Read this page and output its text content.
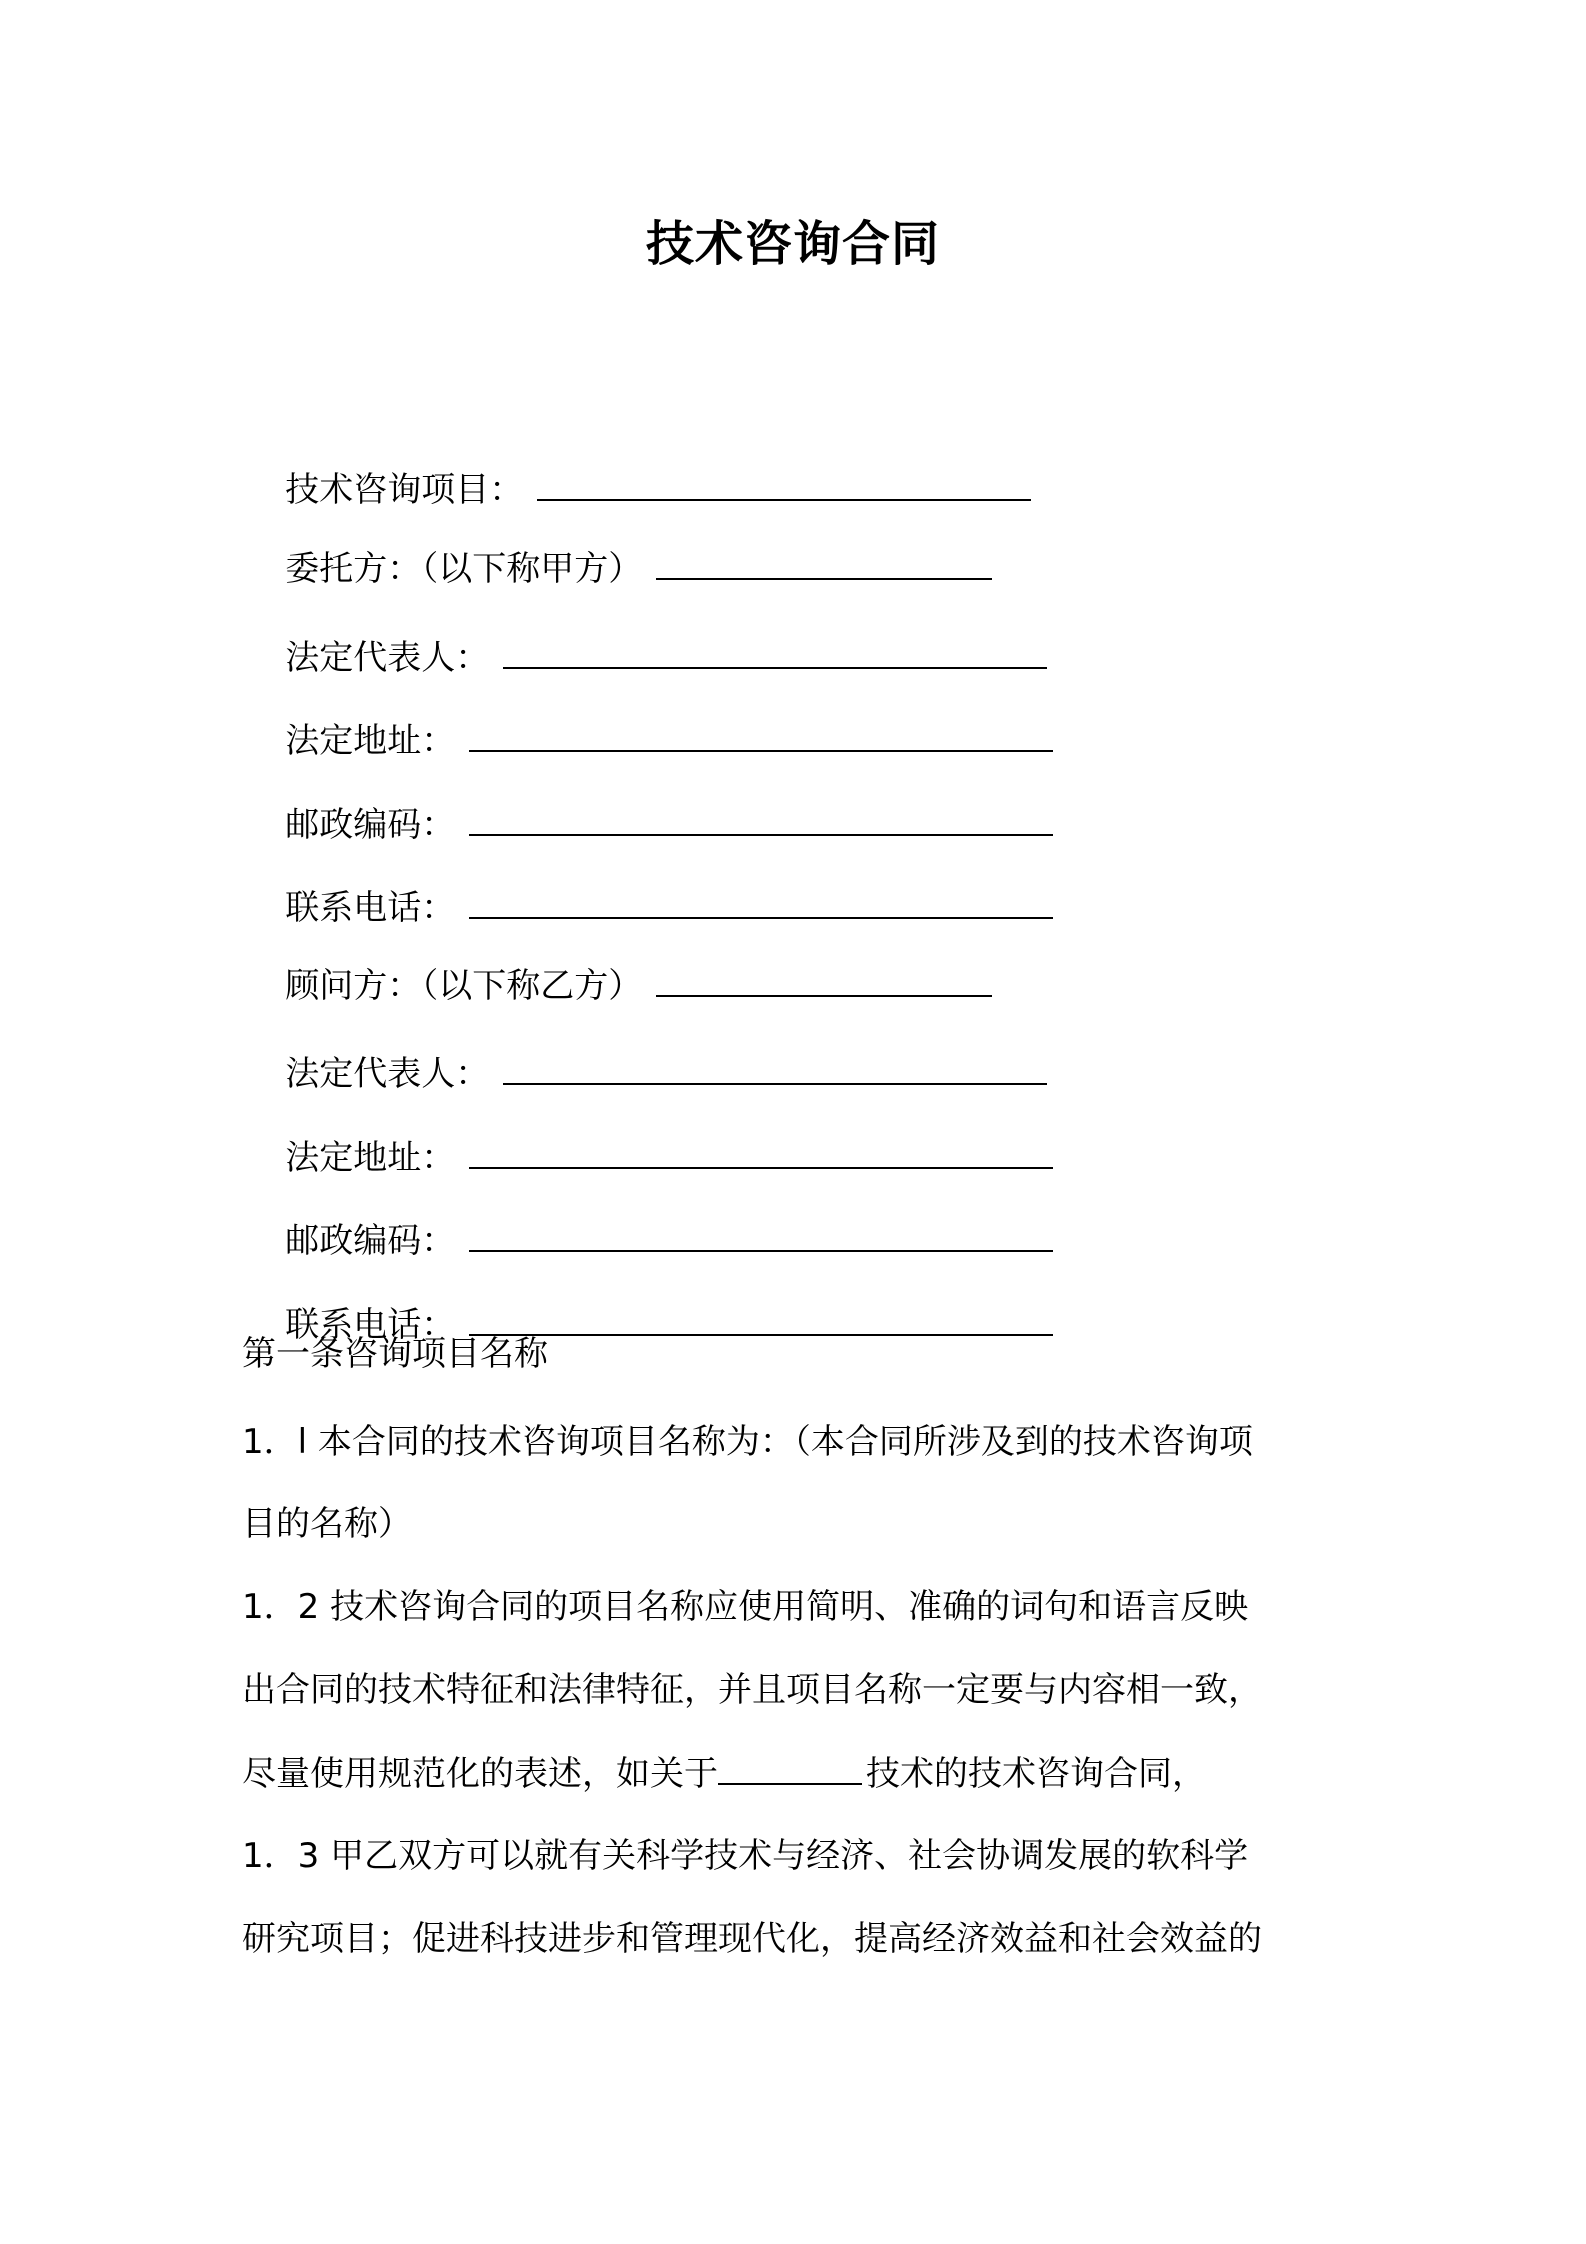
技术咨询合同

技术咨询项目：

委托方：（以下称甲方）

法定代表人：

法定地址：

邮政编码：

联系电话：

顾问方：（以下称乙方）

法定代表人：

法定地址：

邮政编码：

联系电话：

第一条咨询项目名称
1．l 本合同的技术咨询项目名称为：（本合同所涉及到的技术咨询项
目的名称）
1．2 技术咨询合同的项目名称应使用简明、准确的词句和语言反映
出合同的技术特征和法律特征，并且项目名称一定要与内容相一致，
尽量使用规范化的表述，如关于	技术的技术咨询合同，
1．3 甲乙双方可以就有关科学技术与经济、社会协调发展的软科学
研究项目；促进科技进步和管理现代化，提高经济效益和社会效益的
